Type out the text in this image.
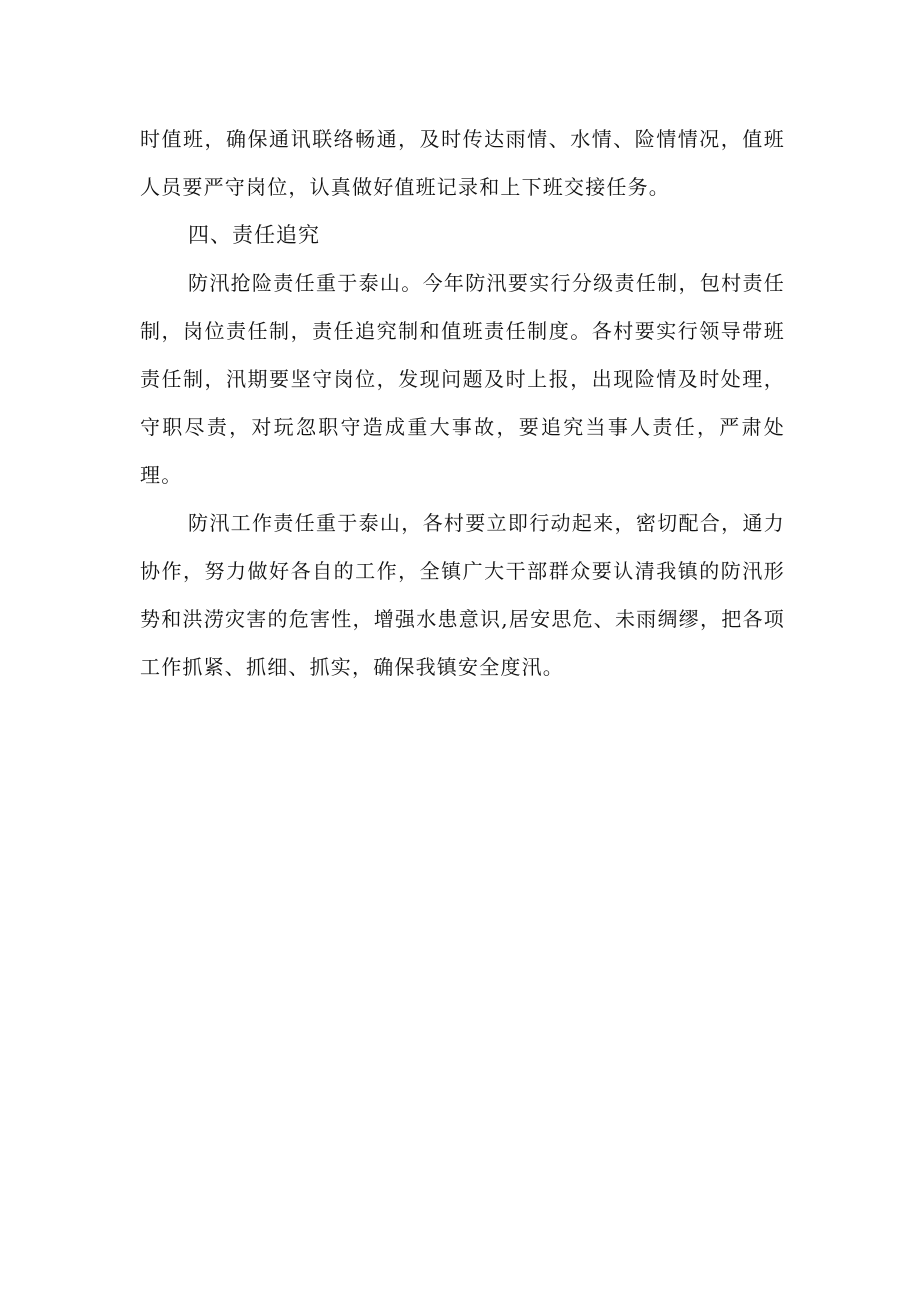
时值班，确保通讯联络畅通，及时传达雨情、水情、险情情况，值班人员要严守岗位，认真做好值班记录和上下班交接任务。

四、责任追究

防汛抢险责任重于泰山。今年防汛要实行分级责任制，包村责任制，岗位责任制，责任追究制和值班责任制度。各村要实行领导带班责任制，汛期要坚守岗位，发现问题及时上报，出现险情及时处理，守职尽责，对玩忽职守造成重大事故，要追究当事人责任，严肃处理。

防汛工作责任重于泰山，各村要立即行动起来，密切配合，通力协作，努力做好各自的工作，全镇广大干部群众要认清我镇的防汛形势和洪涝灾害的危害性，增强水患意识,居安思危、未雨绸缪，把各项工作抓紧、抓细、抓实，确保我镇安全度汛。
